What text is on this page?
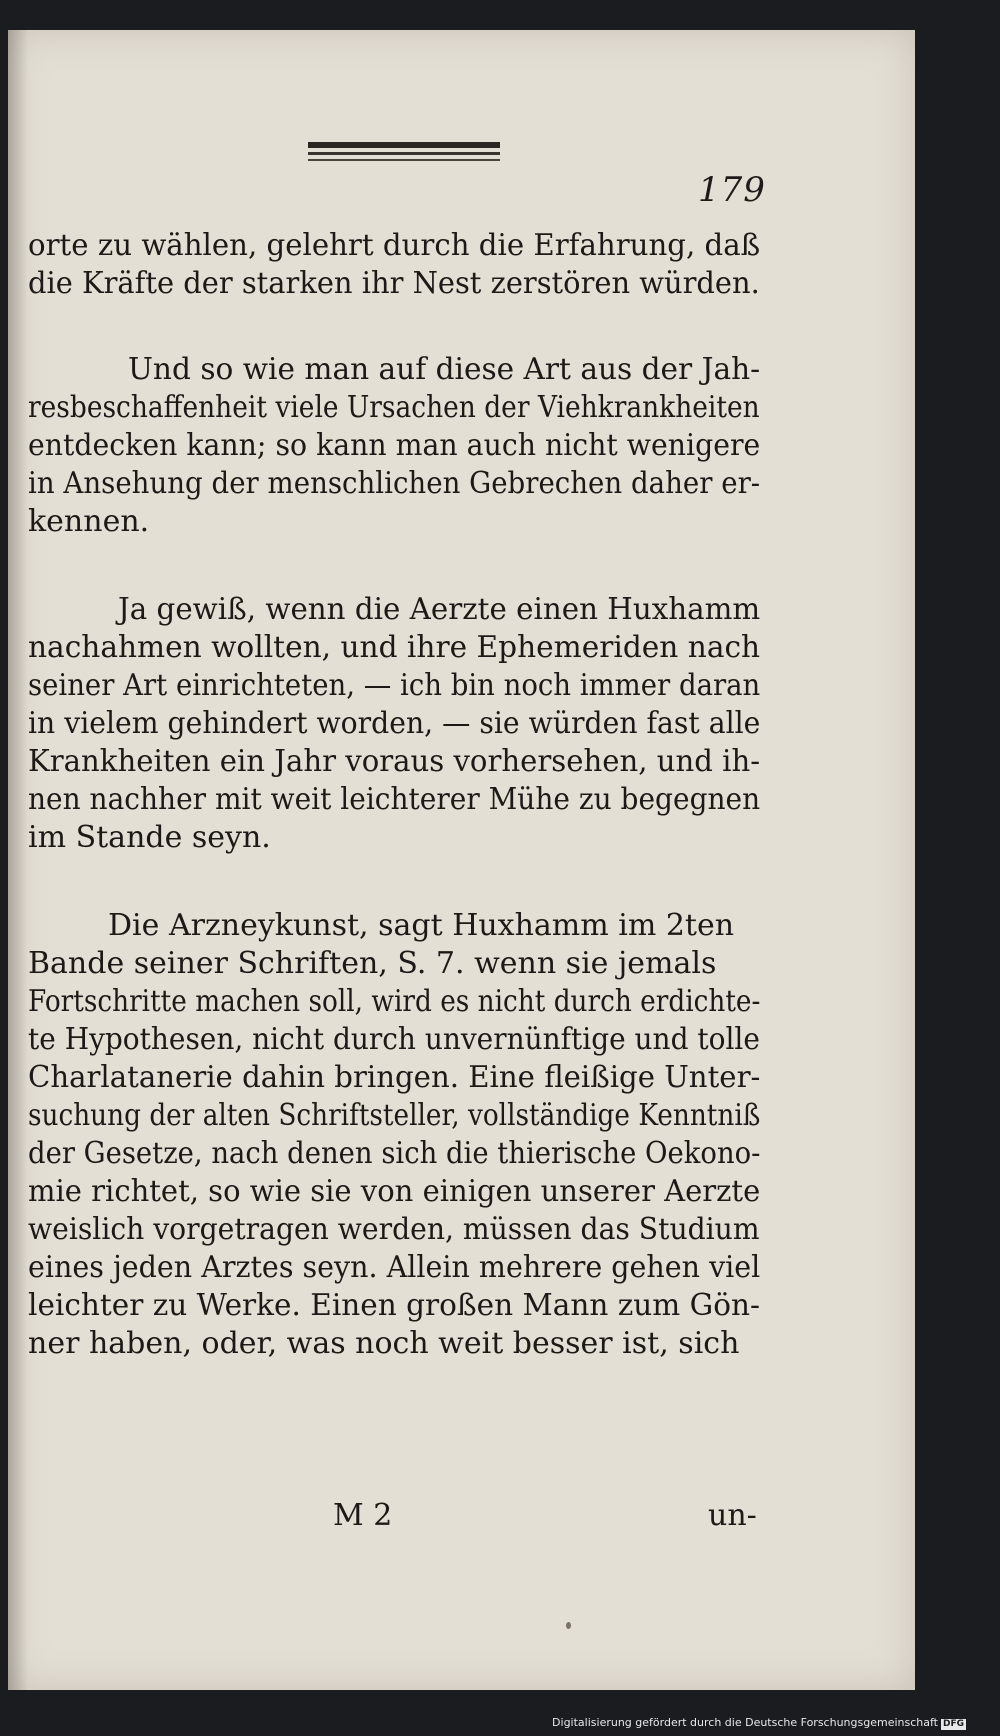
179
orte zu wählen, gelehrt durch die Erfahrung, daß
die Kräfte der starken ihr Nest zerstören würden.
Und so wie man auf diese Art aus der Jah-
resbeschaffenheit viele Ursachen der Viehkrankheiten
entdecken kann; so kann man auch nicht wenigere
in Ansehung der menschlichen Gebrechen daher er-
kennen.
Ja gewiß, wenn die Aerzte einen Huxhamm
nachahmen wollten, und ihre Ephemeriden nach
seiner Art einrichteten, — ich bin noch immer daran
in vielem gehindert worden, — sie würden fast alle
Krankheiten ein Jahr voraus vorhersehen, und ih-
nen nachher mit weit leichterer Mühe zu begegnen
im Stande seyn.
Die Arzneykunst, sagt Huxhamm im 2ten
Bande seiner Schriften, S. 7. wenn sie jemals
Fortschritte machen soll, wird es nicht durch erdichte-
te Hypothesen, nicht durch unvernünftige und tolle
Charlatanerie dahin bringen. Eine fleißige Unter-
suchung der alten Schriftsteller, vollständige Kenntniß
der Gesetze, nach denen sich die thierische Oekono-
mie richtet, so wie sie von einigen unserer Aerzte
weislich vorgetragen werden, müssen das Studium
eines jeden Arztes seyn. Allein mehrere gehen viel
leichter zu Werke. Einen großen Mann zum Gön-
ner haben, oder, was noch weit besser ist, sich
M 2	un-
Digitalisierung gefördert durch die Deutsche Forschungsgemeinschaft DFG
